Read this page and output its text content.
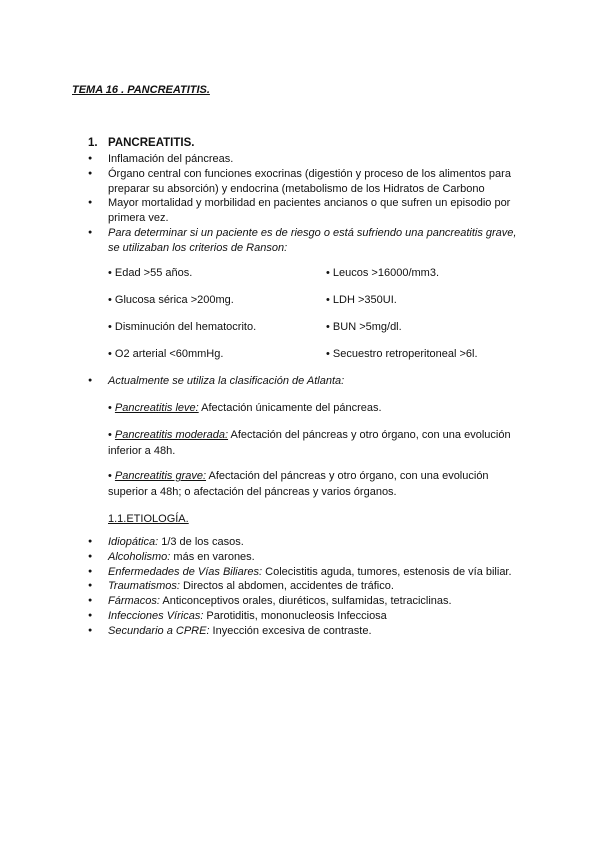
TEMA 16 . PANCREATITIS.
1. PANCREATITIS.
● Inflamación del páncreas.
● Órgano central con funciones exocrinas (digestión y proceso de los alimentos para preparar su absorción) y endocrina (metabolismo de los Hidratos de Carbono
● Mayor mortalidad y morbilidad en pacientes ancianos o que sufren un episodio por primera vez.
● Para determinar si un paciente es de riesgo o está sufriendo una pancreatitis grave, se utilizaban los criterios de Ranson:
• Edad >55 años.	• Leucos >16000/mm3.
• Glucosa sérica >200mg.	• LDH >350UI.
• Disminución del hematocrito.	• BUN >5mg/dl.
• O2 arterial <60mmHg.	• Secuestro retroperitoneal >6l.
● Actualmente se utiliza la clasificación de Atlanta:
• Pancreatitis leve: Afectación únicamente del páncreas.
• Pancreatitis moderada: Afectación del páncreas y otro órgano, con una evolución inferior a 48h.
• Pancreatitis grave: Afectación del páncreas y otro órgano, con una evolución superior a 48h; o afectación del páncreas y varios órganos.
1.1.ETIOLOGÍA.
● Idiopática: 1/3 de los casos.
● Alcoholismo: más en varones.
● Enfermedades de Vías Biliares: Colecistitis aguda, tumores, estenosis de vía biliar.
● Traumatismos: Directos al abdomen, accidentes de tráfico.
● Fármacos: Anticonceptivos orales, diuréticos, sulfamidas, tetraciclinas.
● Infecciones Víricas: Parotiditis, mononucleosis Infecciosa
● Secundario a CPRE: Inyección excesiva de contraste.
